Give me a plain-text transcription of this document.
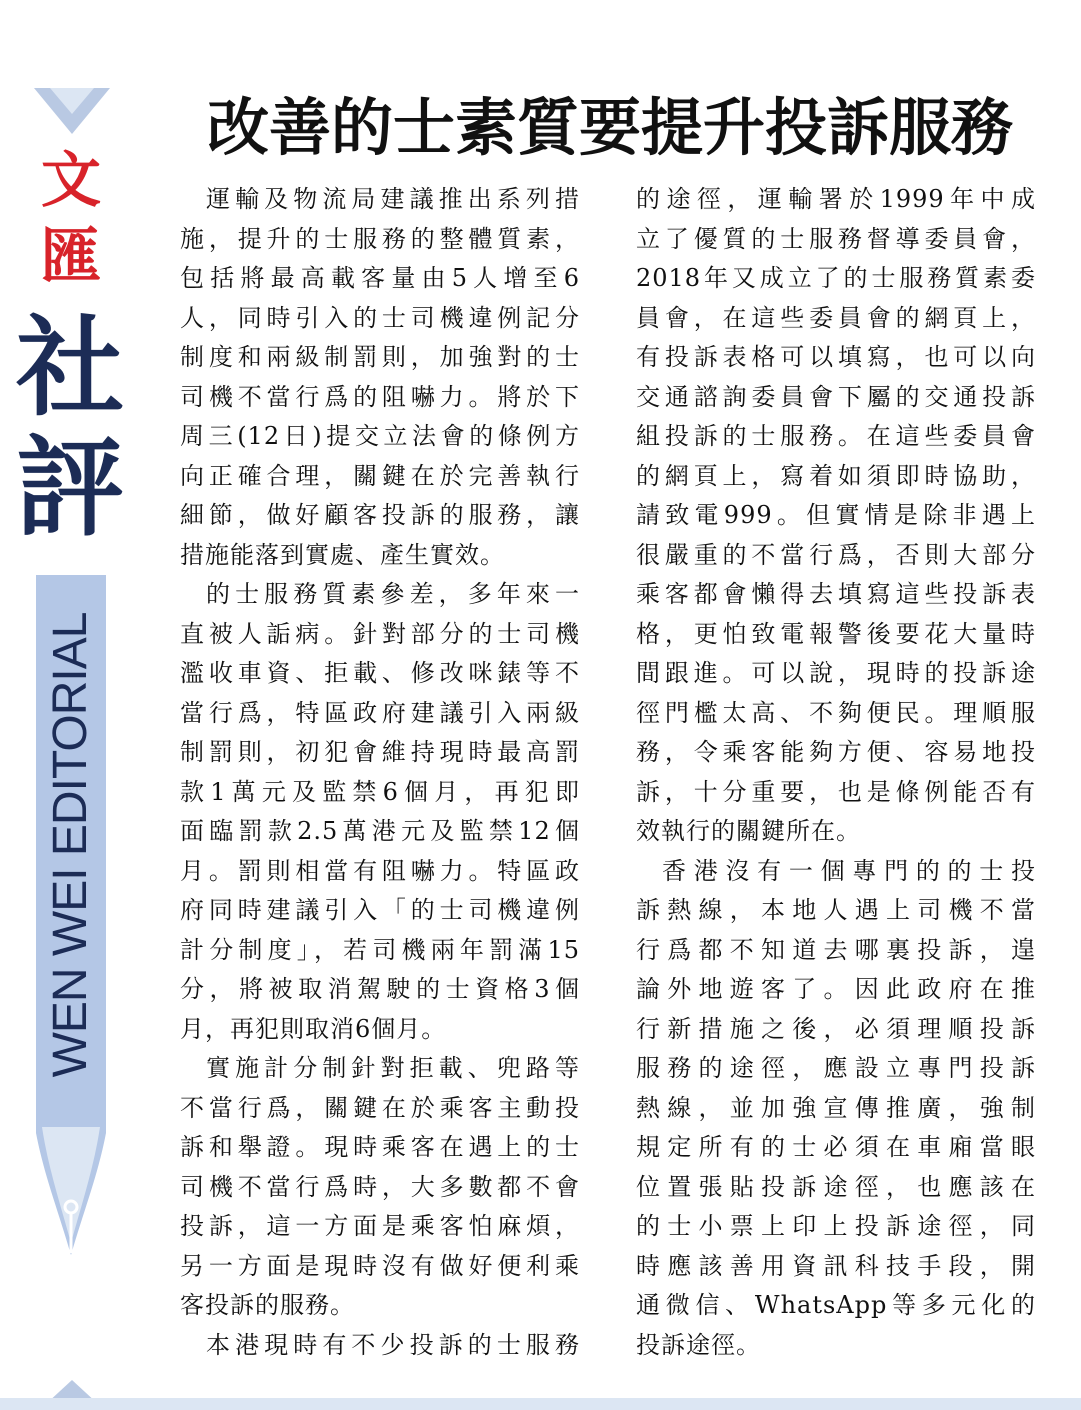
文
匯
社
評
WEN WEI EDITORIAL
改善的士素質要提升投訴服務
運輸及物流局建議推出系列措
施，提升的士服務的整體質素，
包括將最高載客量由5人增至6
人，同時引入的士司機違例記分
制度和兩級制罰則，加強對的士
司機不當行爲的阻嚇力。將於下
周三(12日)提交立法會的條例方
向正確合理，關鍵在於完善執行
細節，做好顧客投訴的服務，讓
措施能落到實處、產生實效。
的士服務質素參差，多年來一
直被人詬病。針對部分的士司機
濫收車資、拒載、修改咪錶等不
當行爲，特區政府建議引入兩級
制罰則，初犯會維持現時最高罰
款1萬元及監禁6個月，再犯即
面臨罰款2.5萬港元及監禁12個
月。罰則相當有阻嚇力。特區政
府同時建議引入「的士司機違例
計分制度」，若司機兩年罰滿15
分，將被取消駕駛的士資格3個
月，再犯則取消6個月。
實施計分制針對拒載、兜路等
不當行爲，關鍵在於乘客主動投
訴和舉證。現時乘客在遇上的士
司機不當行爲時，大多數都不會
投訴，這一方面是乘客怕麻煩，
另一方面是現時沒有做好便利乘
客投訴的服務。
本港現時有不少投訴的士服務
的途徑，運輸署於1999年中成
立了優質的士服務督導委員會，
2018年又成立了的士服務質素委
員會，在這些委員會的網頁上，
有投訴表格可以填寫，也可以向
交通諮詢委員會下屬的交通投訴
組投訴的士服務。在這些委員會
的網頁上，寫着如須即時協助，
請致電999。但實情是除非遇上
很嚴重的不當行爲，否則大部分
乘客都會懶得去填寫這些投訴表
格，更怕致電報警後要花大量時
間跟進。可以說，現時的投訴途
徑門檻太高、不夠便民。理順服
務，令乘客能夠方便、容易地投
訴，十分重要，也是條例能否有
效執行的關鍵所在。
香港沒有一個專門的的士投
訴熱線，本地人遇上司機不當
行爲都不知道去哪裏投訴，遑
論外地遊客了。因此政府在推
行新措施之後，必須理順投訴
服務的途徑，應設立專門投訴
熱線，並加強宣傳推廣，強制
規定所有的士必須在車廂當眼
位置張貼投訴途徑，也應該在
的士小票上印上投訴途徑，同
時應該善用資訊科技手段，開
通微信、WhatsApp等多元化的
投訴途徑。
